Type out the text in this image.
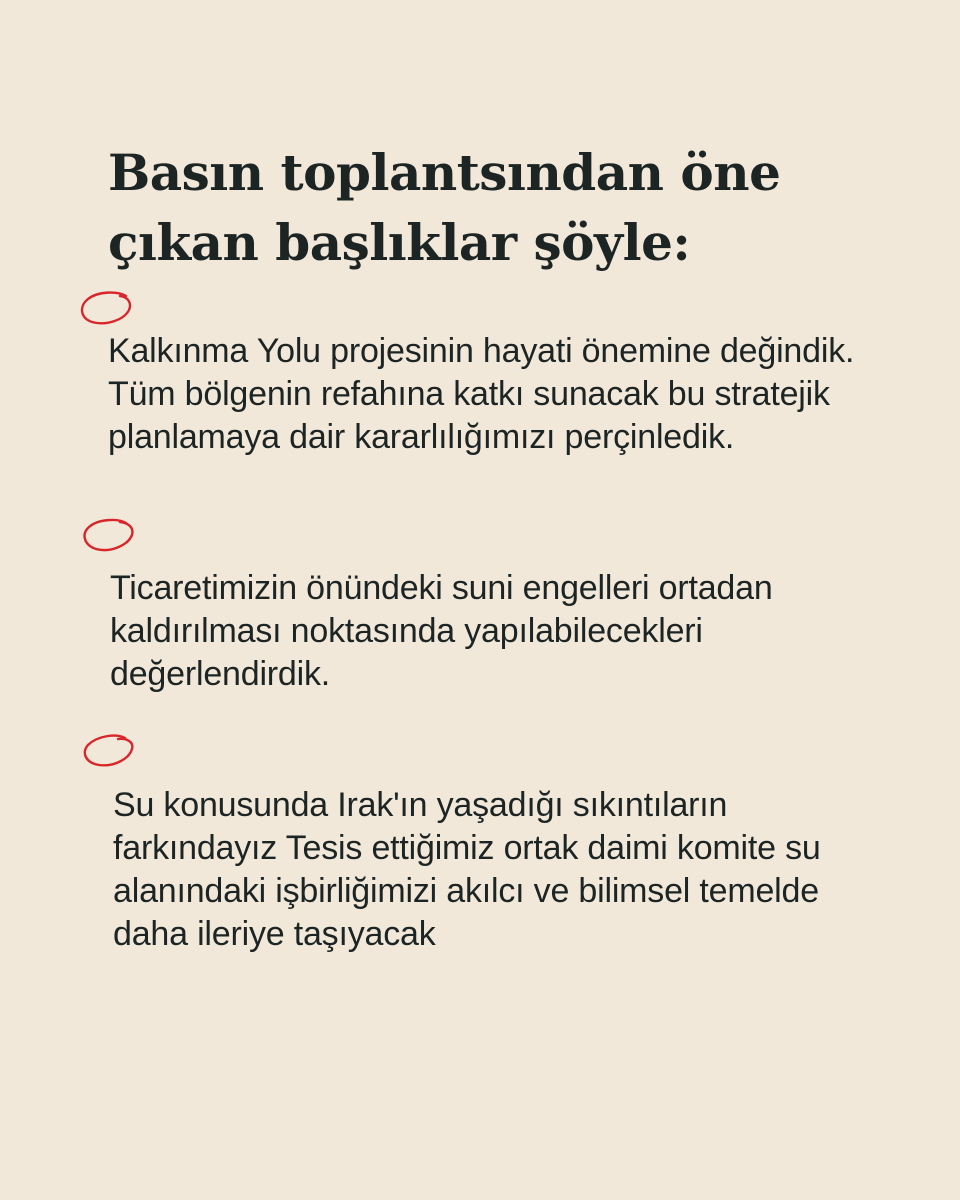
Basın toplantsından öne çıkan başlıklar şöyle:

Kalkınma Yolu projesinin hayati önemine değindik. Tüm bölgenin refahına katkı sunacak bu stratejik planlamaya dair kararlılığımızı perçinledik.

Ticaretimizin önündeki suni engelleri ortadan kaldırılması noktasında yapılabilecekleri değerlendirdik.

Su konusunda Irak'ın yaşadığı sıkıntıların farkındayız Tesis ettiğimiz ortak daimi komite su alanındaki işbirliğimizi akılcı ve bilimsel temelde daha ileriye taşıyacak
